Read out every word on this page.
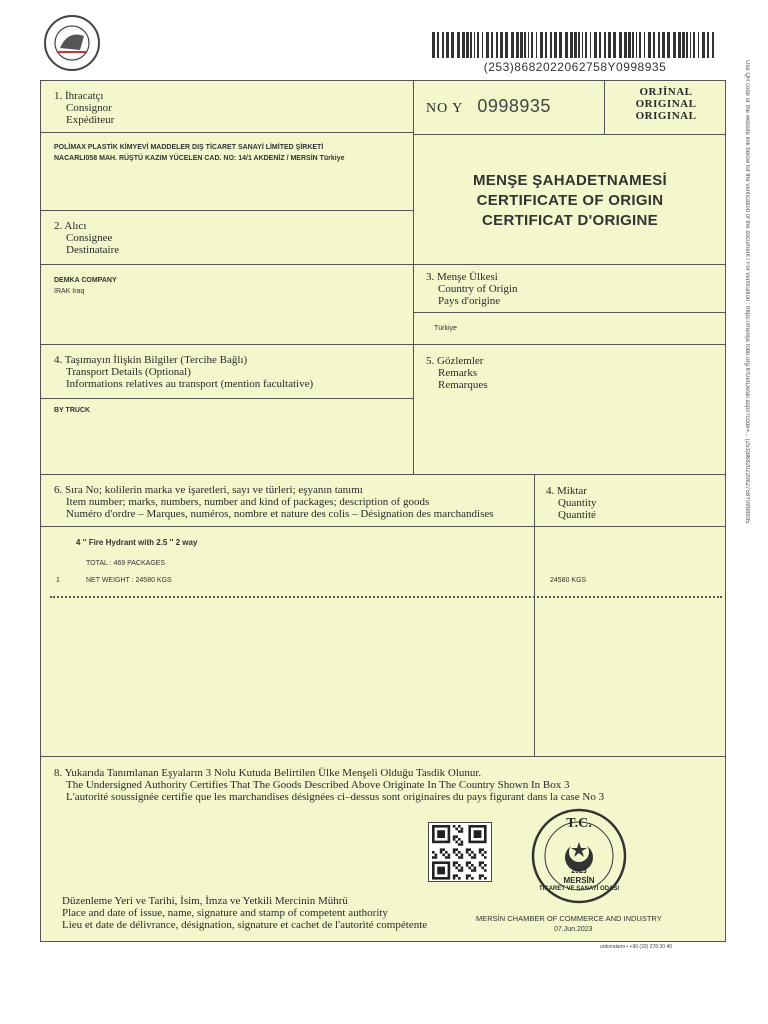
(253)8682022062758Y0998935	Use QR code or the website link below for the verification of the document / For verification : https://menşe.tobb.org.tr/GetDetail.aspx?code=... (253)8682022062758Y0998935
1. İhracatçı
Consignor
Expéditeur
POLİMAX PLASTİK KİMYEVİ MADDELER DIŞ TİCARET SANAYİ LİMİTED ŞİRKETİ
NACARLI058 MAH. RÜŞTÜ KAZIM YÜCELEN CAD. NO: 14/1 AKDENİZ / MERSİN Türkiye
NO Y 0998935
ORJİNAL
ORIGINAL
ORIGINAL
MENŞE ŞAHADETNAMESİ
CERTIFICATE OF ORIGIN
CERTIFICAT D'ORIGINE
2. Alıcı
Consignee
Destinataire
DEMKA COMPANY
IRAK Iraq
3. Menşe Ülkesi
Country of Origin
Pays d'origine
Türkiye
4. Taşımayın İlişkin Bilgiler (Tercihe Bağlı)
Transport Details (Optional)
Informations relatives au transport (mention facultative)
BY TRUCK
5. Gözlemler
Remarks
Remarques
6. Sıra No; kolilerin marka ve işaretleri, sayı ve türleri; eşyanın tanımı
Item number; marks, numbers, number and kind of packages; description of goods
Numéro d'ordre – Marques, numéros, nombre et nature des colis – Désignation des marchandises
4 '' Fire Hydrant with 2.5 '' 2 way
TOTAL : 469 PACKAGES
1	NET WEIGHT : 24580 KGS
4. Miktar
Quantity
Quantité
24580 KGS
8. Yukarıda Tanımlanan Eşyaların 3 Nolu Kutuda Belirtilen Ülke Menşeli Olduğu Tasdik Olunur.
The Undersigned Authority Certifies That The Goods Described Above Originate In The Country Shown In Box 3
L'autorité soussignée certifie que les marchandises désignées ci–dessus sont originaires du pays figurant dans la case No 3
T.C.
2023
MERSİN
TİCARET VE SANAYİ ODASI
Düzenleme Yeri ve Tarihi, İsim, İmza ve Yetkili Mercinin Mührü
Place and date of issue, name, signature and stamp of competent authority
Lieu et date de délivrance, désignation, signature et cachet de l'autorité compétente
MERSİN CHAMBER OF COMMERCE AND INDUSTRY
07.Jun.2023
unboralamı • +90 (32) 278 30 40
